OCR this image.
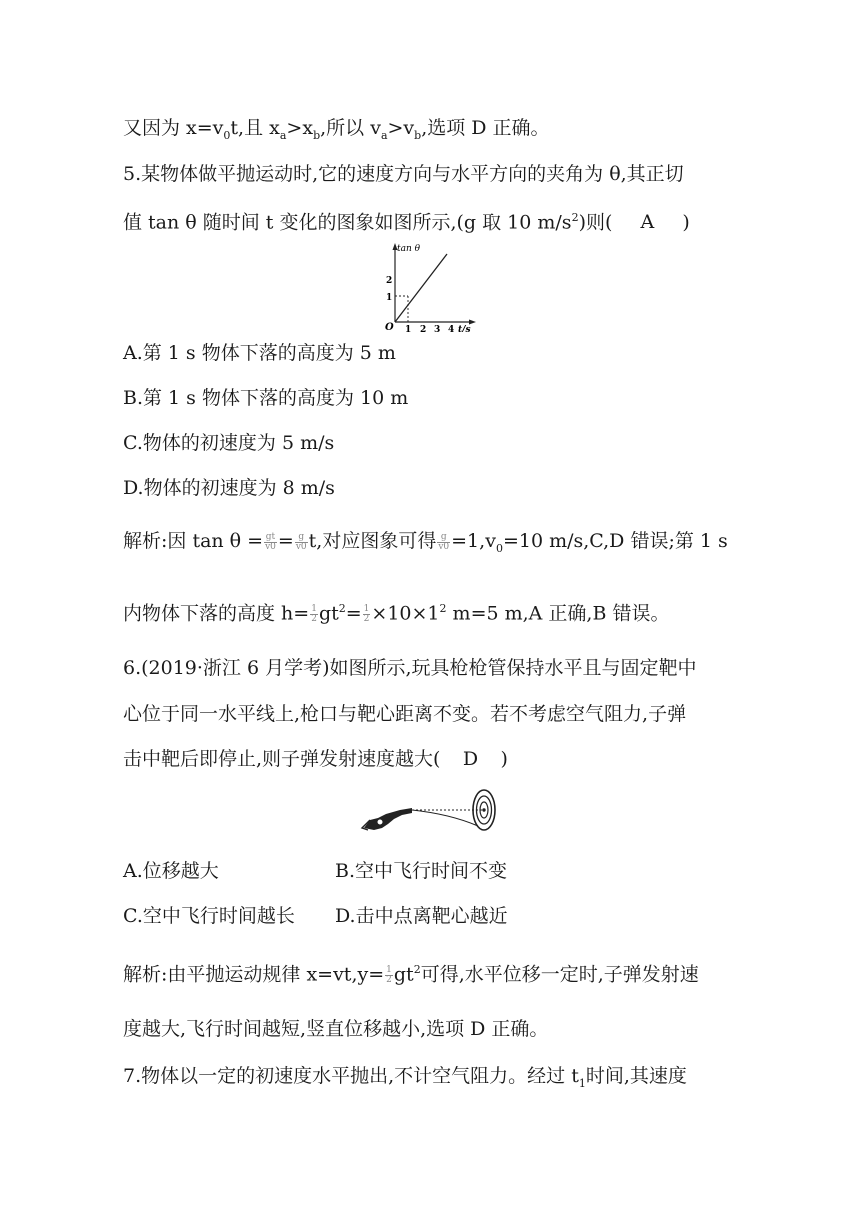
又因为 $x=v_0t$,且 $x_a>x_b$,所以 $v_a>v_b$,选项 D 正确。
5.某物体做平抛运动时,它的速度方向与水平方向的夹角为 θ,其正切
值 tan θ 随时间 t 变化的图象如图所示,(g 取 10 $m/s^2$)则( A )
tan θ
O
1
2
1 2 3 4 t/s
A.第 1 s 物体下落的高度为 5 m
B.第 1 s 物体下落的高度为 10 m
C.物体的初速度为 5 m/s
D.物体的初速度为 8 m/s
解析:因 $\tan \theta = \frac{gt}{v0} = \frac{g}{v0} t$,对应图象可得 $\frac{g}{v0} =1,v_0=10$ m/s,C,D 错误;第 1 s
内物体下落的高度 $h= \frac{1}{2} gt^2= \frac{1}{2} \times 10\times 1^2$ m=5 m,A 正确,B 错误。
6.(2019·浙江 6 月学考)如图所示,玩具枪枪管保持水平且与固定靶中
心位于同一水平线上,枪口与靶心距离不变。若不考虑空气阻力,子弹
击中靶后即停止,则子弹发射速度越大( D )
A.位移越大	B.空中飞行时间不变
C.空中飞行时间越长 D.击中点离靶心越近
解析:由平抛运动规律 $x=vt,y= \frac{1}{2} gt^2$可得,水平位移一定时,子弹发射速
度越大,飞行时间越短,竖直位移越小,选项 D 正确。
7.物体以一定的初速度水平抛出,不计空气阻力。经过 $t_1$时间,其速度
